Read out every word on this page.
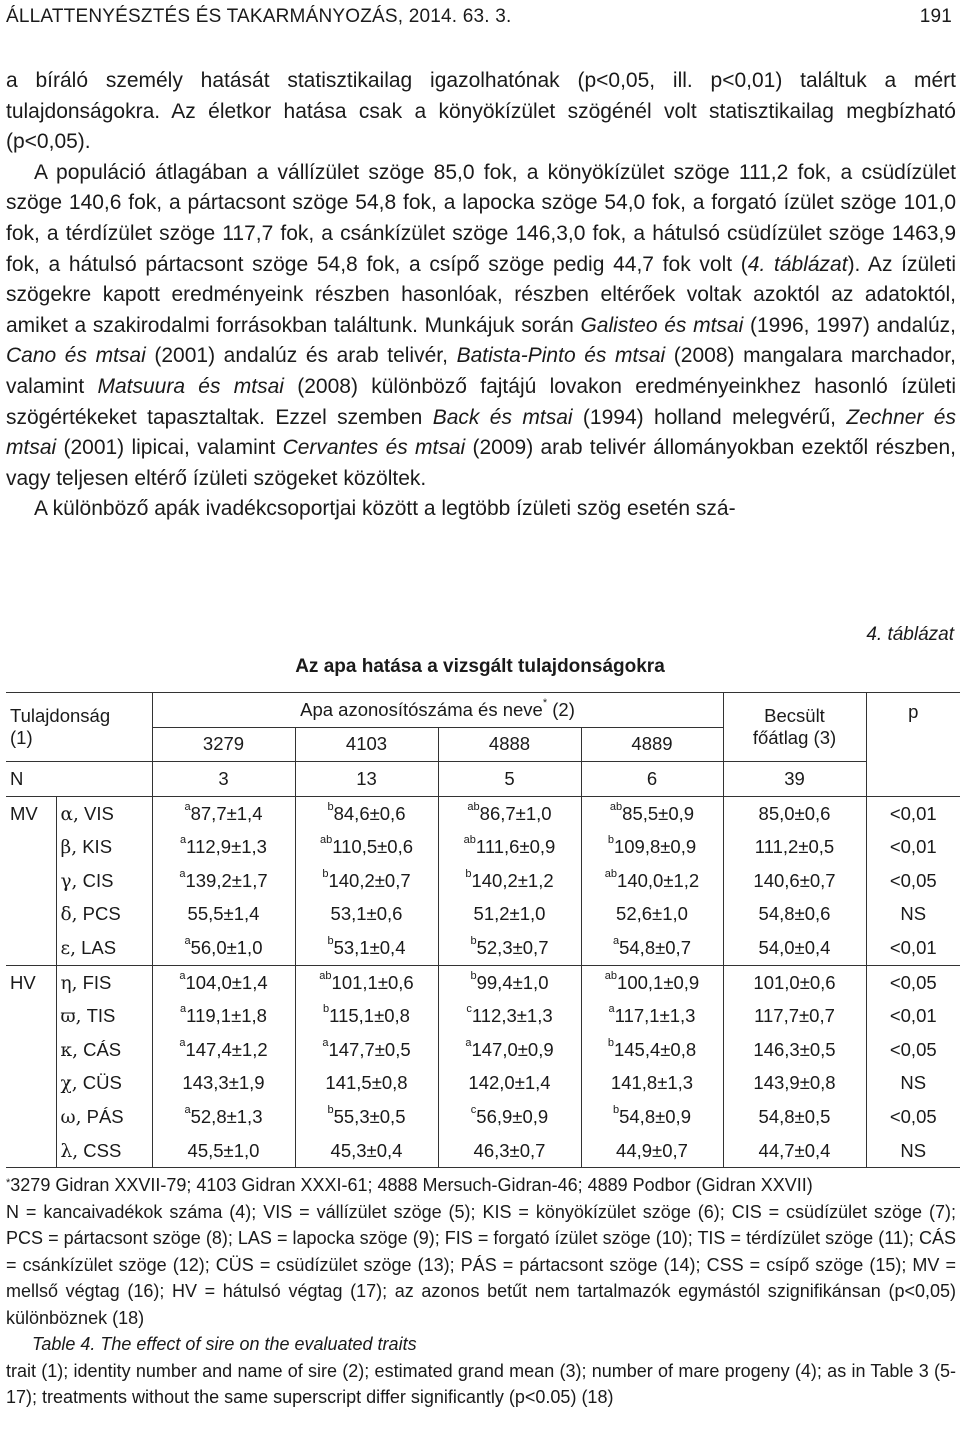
ÁLLATTENYÉSZTÉS ÉS TAKARMÁNYOZÁS, 2014. 63. 3.	191

a bíráló személy hatását statisztikailag igazolhatónak (p<0,05, ill. p<0,01) találtuk a mért tulajdonságokra. Az életkor hatása csak a könyökízület szögénél volt statisztikailag megbízható (p<0,05).

A populáció átlagában a vállízület szöge 85,0 fok, a könyökízület szöge 111,2 fok, a csüdízület szöge 140,6 fok, a pártacsont szöge 54,8 fok, a lapocka szöge 54,0 fok, a forgató ízület szöge 101,0 fok, a térdízület szöge 117,7 fok, a csánkízület szöge 146,3,0 fok, a hátulsó csüdízület szöge 1463,9 fok, a hátulsó pártacsont szöge 54,8 fok, a csípő szöge pedig 44,7 fok volt (4. táblázat). Az ízületi szögekre kapott eredményeink részben hasonlóak, részben eltérőek voltak azoktól az adatoktól, amiket a szakirodalmi forrásokban találtunk. Munkájuk során Galisteo és mtsai (1996, 1997) andalúz, Cano és mtsai (2001) andalúz és arab telivér, Batista-Pinto és mtsai (2008) mangalara marchador, valamint Matsuura és mtsai (2008) különböző fajtájú lovakon eredményeinkhez hasonló ízületi szögértékeket tapasztaltak. Ezzel szemben Back és mtsai (1994) holland melegvérű, Zechner és mtsai (2001) lipicai, valamint Cervantes és mtsai (2009) arab telivér állományokban ezektől részben, vagy teljesen eltérő ízületi szögeket közöltek.

A különböző apák ivadékcsoportjai között a legtöbb ízületi szög esetén szá-

4. táblázat
Az apa hatása a vizsgált tulajdonságokra
Tulajdonság
(1)		Apa azonosítószáma és neve* (2)				Becsült
főátlag (3)	p
		3279	4103	4888	4889		
N		3	13	5	6	39	
MV	α, VIS	$^a$87,7±1,4	$^b$84,6±0,6	$^{ab}$86,7±1,0	$^{ab}$85,5±0,9	85,0±0,6	<0,01
	β, KIS	$^a$112,9±1,3	$^{ab}$110,5±0,6	$^{ab}$111,6±0,9	$^b$109,8±0,9	111,2±0,5	<0,01
	γ, CIS	$^a$139,2±1,7	$^b$140,2±0,7	$^b$140,2±1,2	$^{ab}$140,0±1,2	140,6±0,7	<0,05
	δ, PCS	55,5±1,4	53,1±0,6	51,2±1,0	52,6±1,0	54,8±0,6	NS
	ε, LAS	$^a$56,0±1,0	$^b$53,1±0,4	$^b$52,3±0,7	$^a$54,8±0,7	54,0±0,4	<0,01
HV	η, FIS	$^a$104,0±1,4	$^{ab}$101,1±0,6	$^b$99,4±1,0	$^{ab}$100,1±0,9	101,0±0,6	<0,05
	ϖ, TIS	$^a$119,1±1,8	$^b$115,1±0,8	$^c$112,3±1,3	$^a$117,1±1,3	117,7±0,7	<0,01
	κ, CÁS	$^a$147,4±1,2	$^a$147,7±0,5	$^a$147,0±0,9	$^b$145,4±0,8	146,3±0,5	<0,05
	χ, CÜS	143,3±1,9	141,5±0,8	142,0±1,4	141,8±1,3	143,9±0,8	NS
	ω, PÁS	$^a$52,8±1,3	$^b$55,3±0,5	$^c$56,9±0,9	$^b$54,8±0,9	54,8±0,5	<0,05
	λ, CSS	45,5±1,0	45,3±0,4	46,3±0,7	44,9±0,7	44,7±0,4	NS

*3279 Gidran XXVII-79; 4103 Gidran XXXI-61; 4888 Mersuch-Gidran-46; 4889 Podbor (Gidran XXVII)

N = kancaivadékok száma (4); VIS = vállízület szöge (5); KIS = könyökízület szöge (6); CIS = csüdízület szöge (7); PCS = pártacsont szöge (8); LAS = lapocka szöge (9); FIS = forgató ízület szöge (10); TIS = térdízület szöge (11); CÁS = csánkízület szöge (12); CÜS = csüdízület szöge (13); PÁS = pártacsont szöge (14); CSS = csípő szöge (15); MV = mellső végtag (16); HV = hátulsó végtag (17); az azonos betűt nem tartalmazók egymástól szignifikánsan (p<0,05) különböznek (18)

Table 4. The effect of sire on the evaluated traits

trait (1); identity number and name of sire (2); estimated grand mean (3); number of mare progeny (4); as in Table 3 (5-17); treatments without the same superscript differ significantly (p<0.05) (18)
